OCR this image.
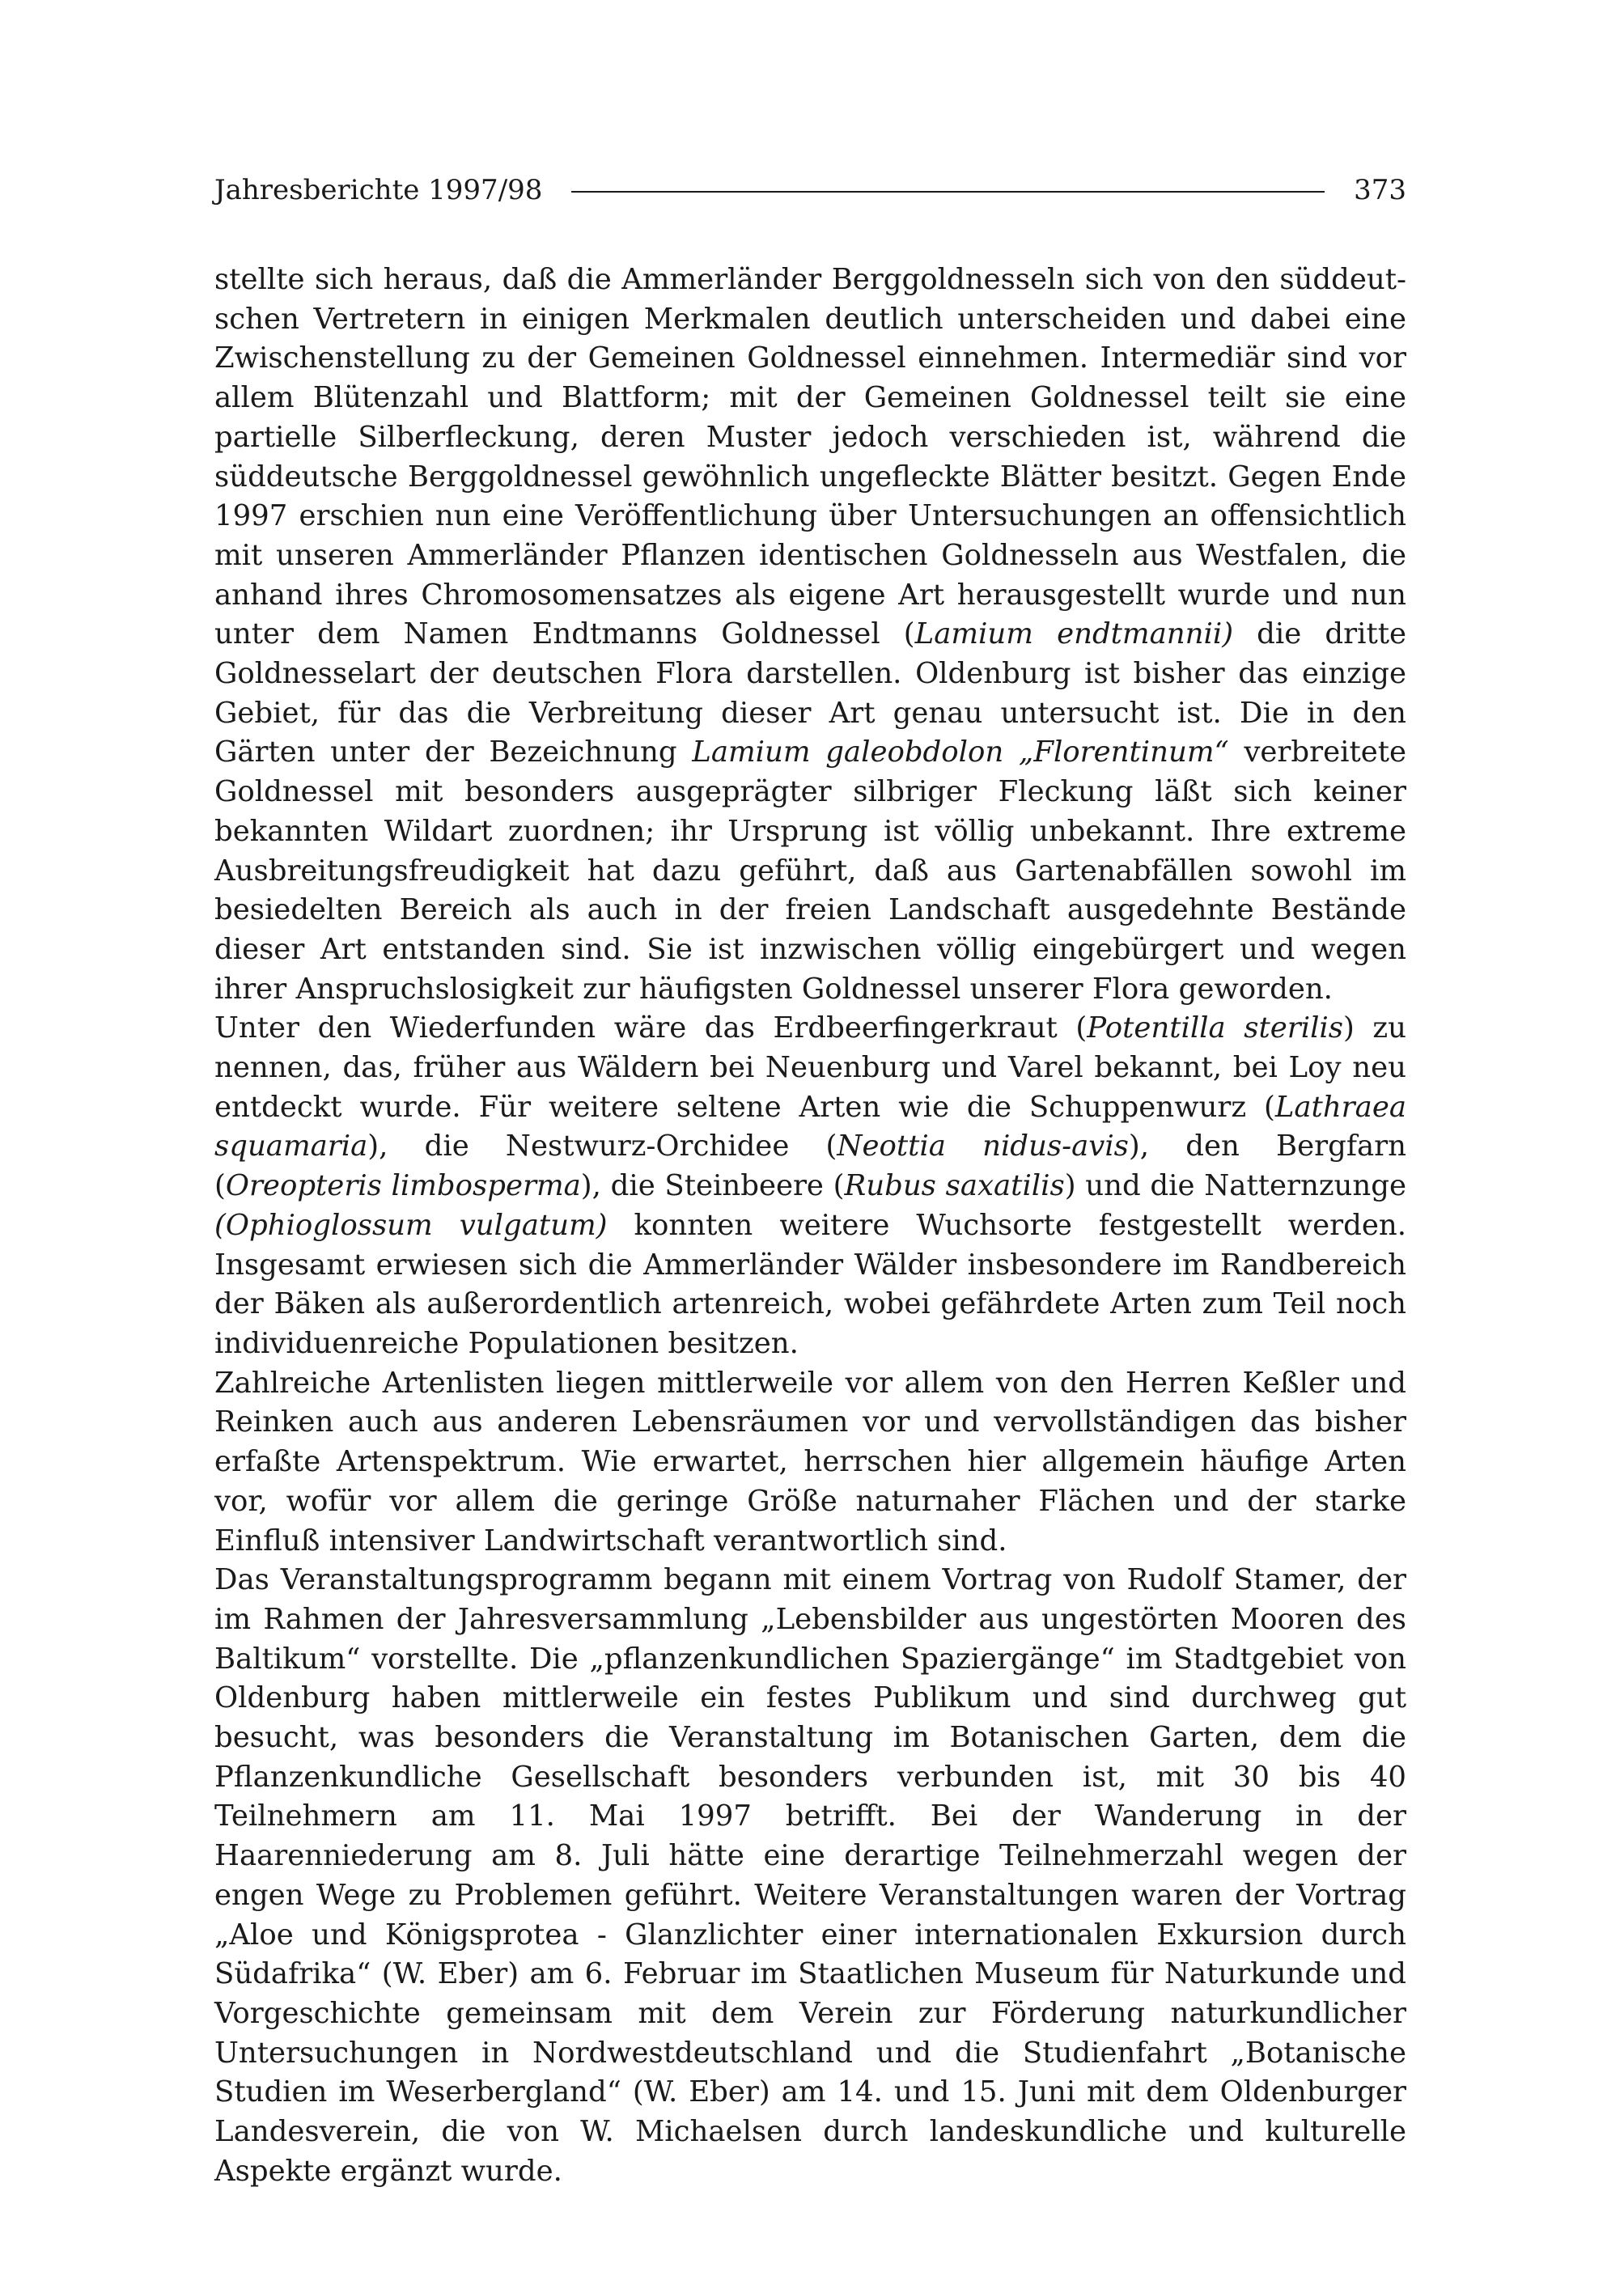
Jahresberichte 1997/98	373

stellte sich heraus, daß die Ammerländer Berggoldnesseln sich von den süddeutschen Vertretern in einigen Merkmalen deutlich unterscheiden und dabei eine Zwischenstellung zu der Gemeinen Goldnessel einnehmen. Intermediär sind vor allem Blütenzahl und Blattform; mit der Gemeinen Goldnessel teilt sie eine partielle Silberfleckung, deren Muster jedoch verschieden ist, während die süddeutsche Berggoldnessel gewöhnlich ungefleckte Blätter besitzt. Gegen Ende 1997 erschien nun eine Veröffentlichung über Untersuchungen an offensichtlich mit unseren Ammerländer Pflanzen identischen Goldnesseln aus Westfalen, die anhand ihres Chromosomensatzes als eigene Art herausgestellt wurde und nun unter dem Namen Endtmanns Goldnessel (Lamium endtmannii) die dritte Goldnesselart der deutschen Flora darstellen. Oldenburg ist bisher das einzige Gebiet, für das die Verbreitung dieser Art genau untersucht ist. Die in den Gärten unter der Bezeichnung Lamium galeobdolon „Florentinum“ verbreitete Goldnessel mit besonders ausgeprägter silbriger Fleckung läßt sich keiner bekannten Wildart zuordnen; ihr Ursprung ist völlig unbekannt. Ihre extreme Ausbreitungsfreudigkeit hat dazu geführt, daß aus Gartenabfällen sowohl im besiedelten Bereich als auch in der freien Landschaft ausgedehnte Bestände dieser Art entstanden sind. Sie ist inzwischen völlig eingebürgert und wegen ihrer Anspruchslosigkeit zur häufigsten Goldnessel unserer Flora geworden.

Unter den Wiederfunden wäre das Erdbeerfingerkraut (Potentilla sterilis) zu nennen, das, früher aus Wäldern bei Neuenburg und Varel bekannt, bei Loy neu entdeckt wurde. Für weitere seltene Arten wie die Schuppenwurz (Lathraea squamaria), die Nestwurz-Orchidee (Neottia nidus-avis), den Bergfarn (Oreopteris limbosperma), die Steinbeere (Rubus saxatilis) und die Natternzunge (Ophioglossum vulgatum) konnten weitere Wuchsorte festgestellt werden. Insgesamt erwiesen sich die Ammerländer Wälder insbesondere im Randbereich der Bäken als außerordentlich artenreich, wobei gefährdete Arten zum Teil noch individuenreiche Populationen besitzen.

Zahlreiche Artenlisten liegen mittlerweile vor allem von den Herren Keßler und Reinken auch aus anderen Lebensräumen vor und vervollständigen das bisher erfaßte Artenspektrum. Wie erwartet, herrschen hier allgemein häufige Arten vor, wofür vor allem die geringe Größe naturnaher Flächen und der starke Einfluß intensiver Landwirtschaft verantwortlich sind.

Das Veranstaltungsprogramm begann mit einem Vortrag von Rudolf Stamer, der im Rahmen der Jahresversammlung „Lebensbilder aus ungestörten Mooren des Baltikum“ vorstellte. Die „pflanzenkundlichen Spaziergänge“ im Stadtgebiet von Oldenburg haben mittlerweile ein festes Publikum und sind durchweg gut besucht, was besonders die Veranstaltung im Botanischen Garten, dem die Pflanzenkundliche Gesellschaft besonders verbunden ist, mit 30 bis 40 Teilnehmern am 11. Mai 1997 betrifft. Bei der Wanderung in der Haarenniederung am 8. Juli hätte eine derartige Teilnehmerzahl wegen der engen Wege zu Problemen geführt. Weitere Veranstaltungen waren der Vortrag „Aloe und Königsprotea - Glanzlichter einer internationalen Exkursion durch Südafrika“ (W. Eber) am 6. Februar im Staatlichen Museum für Naturkunde und Vorgeschichte gemeinsam mit dem Verein zur Förderung naturkundlicher Untersuchungen in Nordwestdeutschland und die Studienfahrt „Botanische Studien im Weserbergland“ (W. Eber) am 14. und 15. Juni mit dem Oldenburger Landesverein, die von W. Michaelsen durch landeskundliche und kulturelle Aspekte ergänzt wurde.
